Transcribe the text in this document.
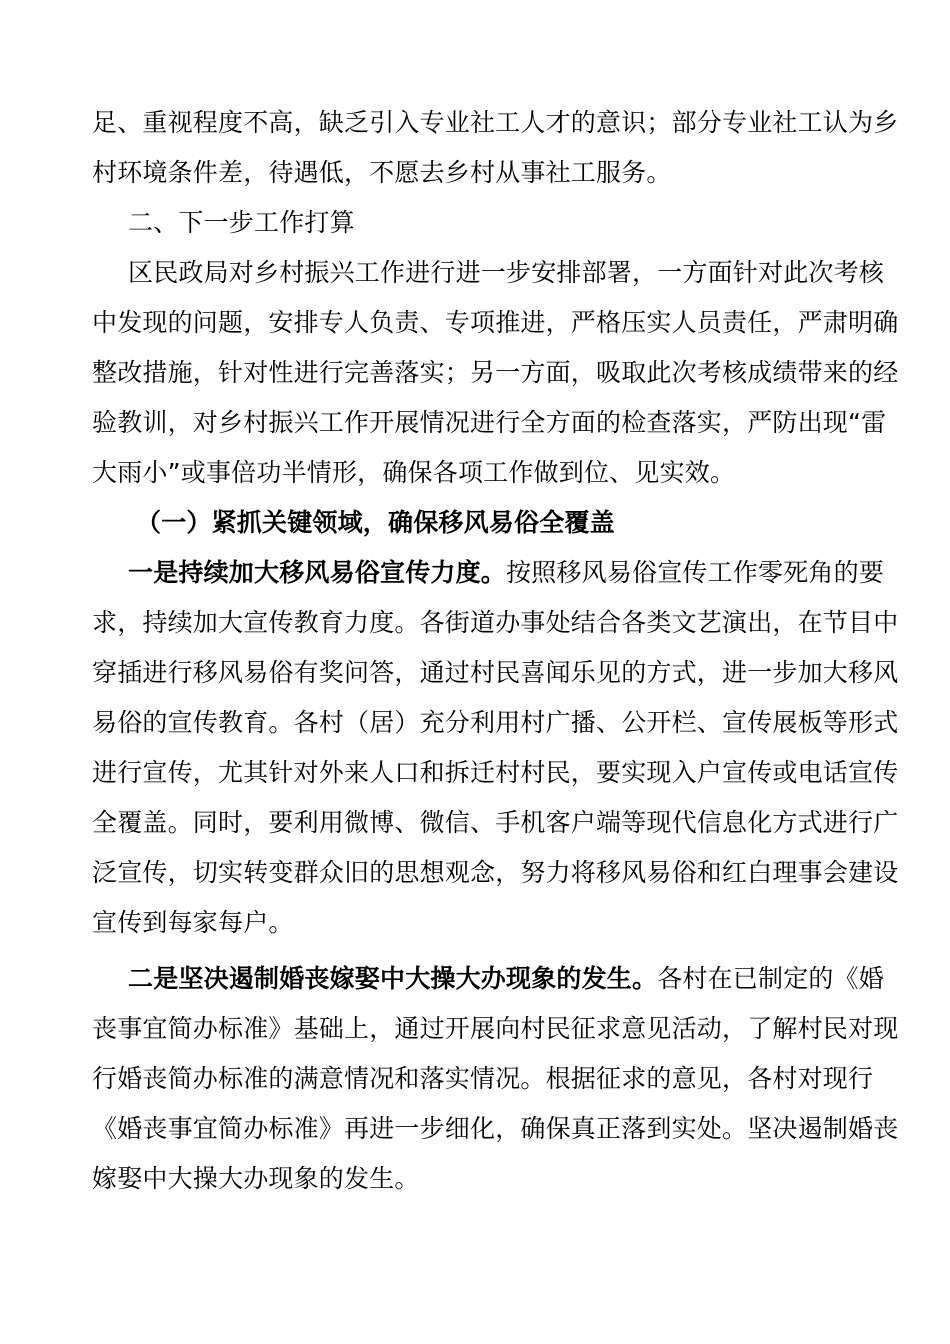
足、重视程度不高，缺乏引入专业社工人才的意识；部分专业社工认为乡
村环境条件差，待遇低，不愿去乡村从事社工服务。
二、下一步工作打算
区民政局对乡村振兴工作进行进一步安排部署，一方面针对此次考核
中发现的问题，安排专人负责、专项推进，严格压实人员责任，严肃明确
整改措施，针对性进行完善落实；另一方面，吸取此次考核成绩带来的经
验教训，对乡村振兴工作开展情况进行全方面的检查落实，严防出现“雷
大雨小”或事倍功半情形，确保各项工作做到位、见实效。
（一）紧抓关键领域，确保移风易俗全覆盖
一是持续加大移风易俗宣传力度。按照移风易俗宣传工作零死角的要
求，持续加大宣传教育力度。各街道办事处结合各类文艺演出，在节目中
穿插进行移风易俗有奖问答，通过村民喜闻乐见的方式，进一步加大移风
易俗的宣传教育。各村（居）充分利用村广播、公开栏、宣传展板等形式
进行宣传，尤其针对外来人口和拆迁村村民，要实现入户宣传或电话宣传
全覆盖。同时，要利用微博、微信、手机客户端等现代信息化方式进行广
泛宣传，切实转变群众旧的思想观念，努力将移风易俗和红白理事会建设
宣传到每家每户。
二是坚决遏制婚丧嫁娶中大操大办现象的发生。各村在已制定的《婚
丧事宜简办标准》基础上，通过开展向村民征求意见活动，了解村民对现
行婚丧简办标准的满意情况和落实情况。根据征求的意见，各村对现行
《婚丧事宜简办标准》再进一步细化，确保真正落到实处。坚决遏制婚丧
嫁娶中大操大办现象的发生。
